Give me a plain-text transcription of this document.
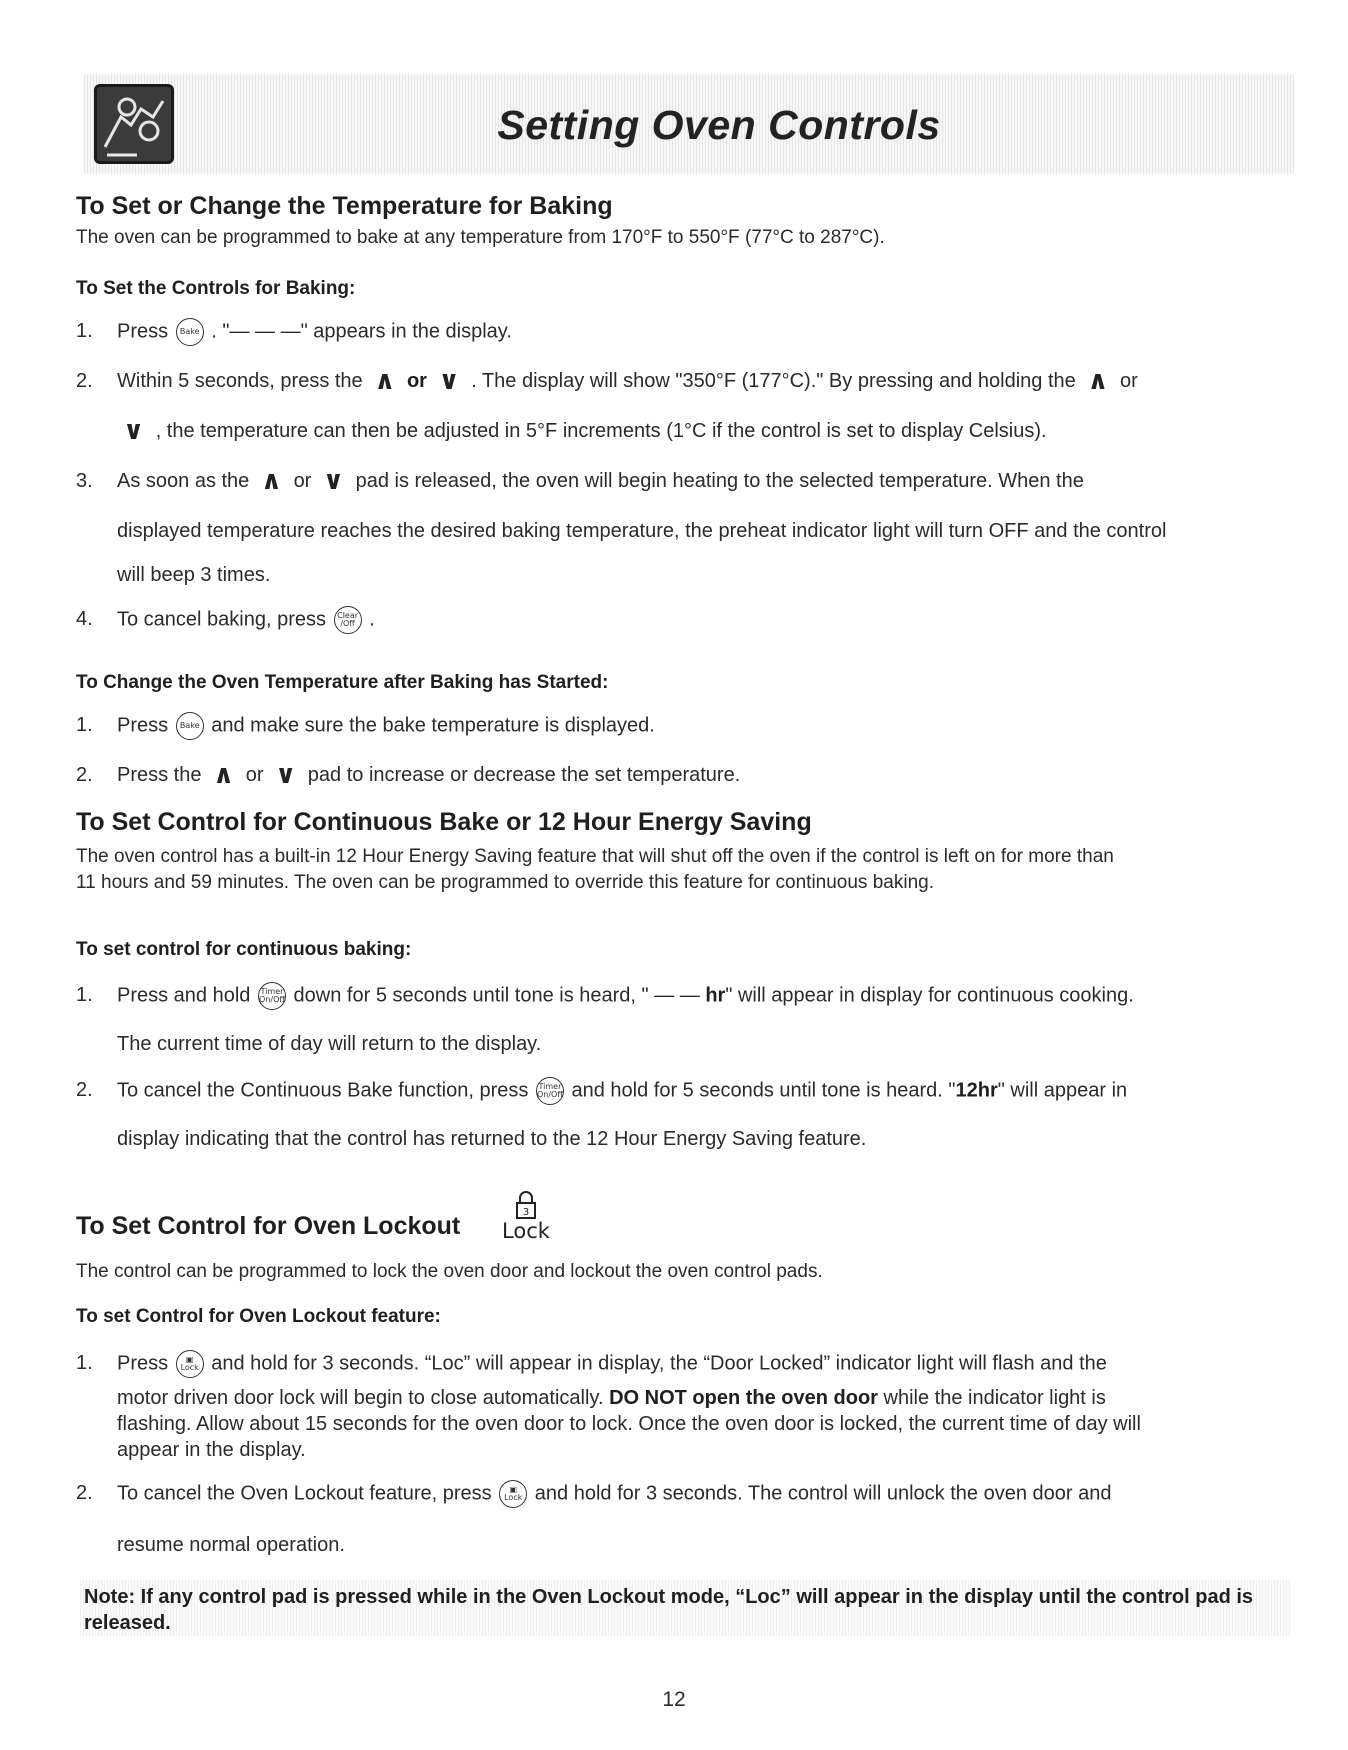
Setting Oven Controls
To Set or Change the Temperature for Baking
The oven can be programmed to bake at any temperature from 170°F to 550°F (77°C to 287°C).
To Set the Controls for Baking:
1. Press Bake . "— — —" appears in the display.
2. Within 5 seconds, press the ∧ or ∨ . The display will show "350°F (177°C)." By pressing and holding the ∧ or
∨ , the temperature can then be adjusted in 5°F increments (1°C if the control is set to display Celsius).
3. As soon as the ∧ or ∨ pad is released, the oven will begin heating to the selected temperature. When the
displayed temperature reaches the desired baking temperature, the preheat indicator light will turn OFF and the control
will beep 3 times.
4. To cancel baking, press Clear
/Off .
To Change the Oven Temperature after Baking has Started:
1. Press Bake and make sure the bake temperature is displayed.
2. Press the ∧ or ∨ pad to increase or decrease the set temperature.
To Set Control for Continuous Bake or 12 Hour Energy Saving
The oven control has a built-in 12 Hour Energy Saving feature that will shut off the oven if the control is left on for more than
11 hours and 59 minutes. The oven can be programmed to override this feature for continuous baking.
To set control for continuous baking:
1. Press and hold Timer
On/Off down for 5 seconds until tone is heard, " — — hr" will appear in display for continuous cooking.
The current time of day will return to the display.
2. To cancel the Continuous Bake function, press Timer
On/Off and hold for 5 seconds until tone is heard. "12hr" will appear in
display indicating that the control has returned to the 12 Hour Energy Saving feature.
To Set Control for Oven Lockout	3
Lock
The control can be programmed to lock the oven door and lockout the oven control pads.
To set Control for Oven Lockout feature:
1. Press ▣
Lock and hold for 3 seconds. “Loc” will appear in display, the “Door Locked” indicator light will flash and the
motor driven door lock will begin to close automatically. DO NOT open the oven door while the indicator light is
flashing. Allow about 15 seconds for the oven door to lock. Once the oven door is locked, the current time of day will
appear in the display.
2. To cancel the Oven Lockout feature, press ▣
Lock and hold for 3 seconds. The control will unlock the oven door and
resume normal operation.
Note: If any control pad is pressed while in the Oven Lockout mode, “Loc” will appear in the display until the control pad is released.
12
